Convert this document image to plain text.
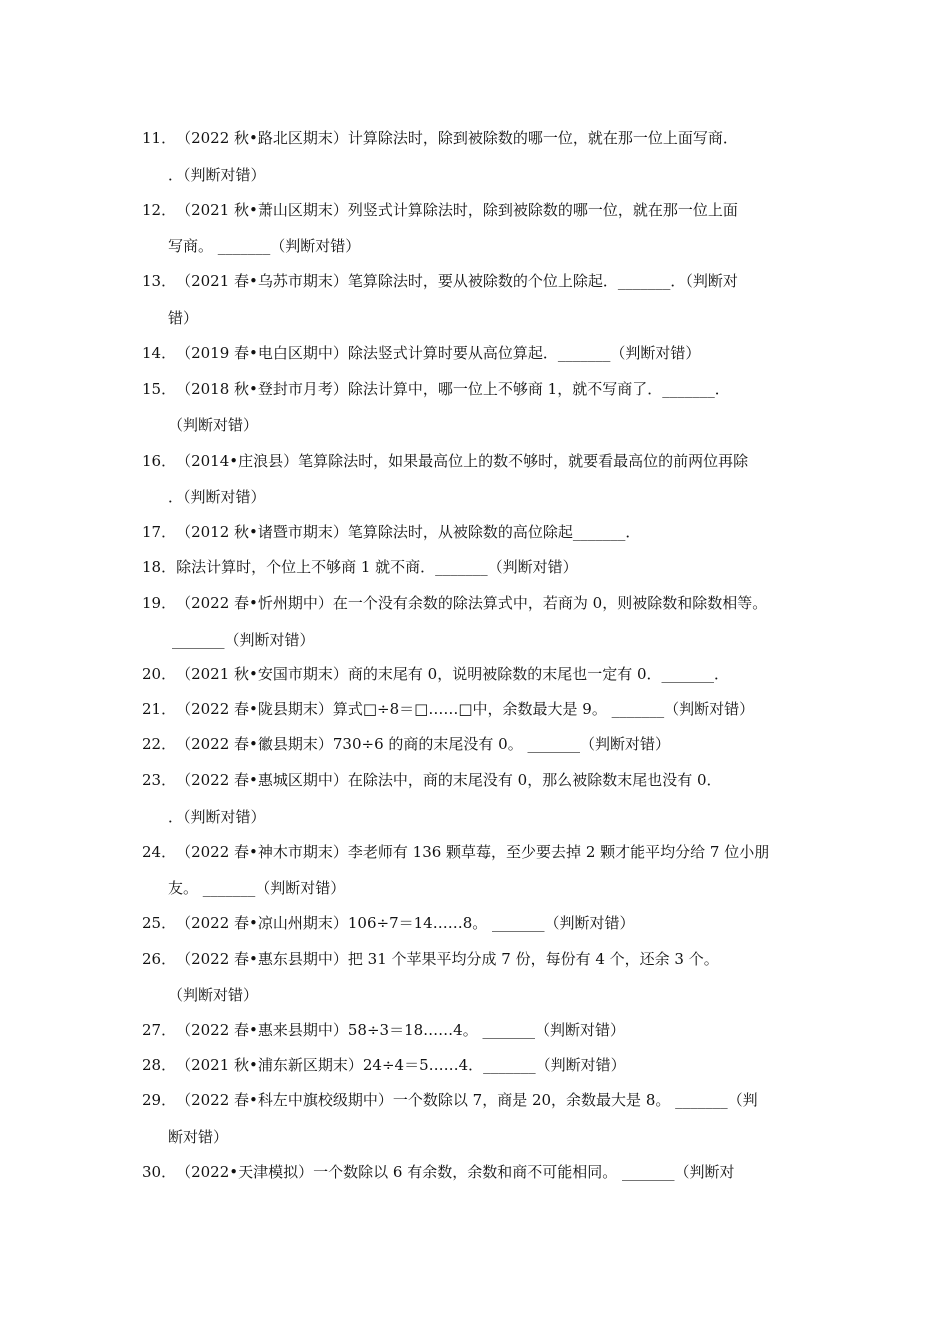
11．（2022 秋•路北区期末）计算除法时，除到被除数的哪一位，就在那一位上面写商．
．（判断对错）
12．（2021 秋•萧山区期末）列竖式计算除法时，除到被除数的哪一位，就在那一位上面
写商。 _______（判断对错）
13．（2021 春•乌苏市期末）笔算除法时，要从被除数的个位上除起．_______．（判断对
错）
14．（2019 春•电白区期中）除法竖式计算时要从高位算起．_______（判断对错）
15．（2018 秋•登封市月考）除法计算中，哪一位上不够商 1，就不写商了．_______．
（判断对错）
16．（2014•庄浪县）笔算除法时，如果最高位上的数不够时，就要看最高位的前两位再除
．（判断对错）
17．（2012 秋•诸暨市期末）笔算除法时，从被除数的高位除起_______．
18．除法计算时，个位上不够商 1 就不商．_______（判断对错）
19．（2022 春•忻州期中）在一个没有余数的除法算式中，若商为 0，则被除数和除数相等。
_______（判断对错）
20．（2021 秋•安国市期末）商的末尾有 0，说明被除数的末尾也一定有 0．_______．
21．（2022 春•陇县期末）算式□÷8＝□……□中，余数最大是 9。 _______（判断对错）
22．（2022 春•徽县期末）730÷6 的商的末尾没有 0。 _______（判断对错）
23．（2022 春•惠城区期中）在除法中，商的末尾没有 0，那么被除数末尾也没有 0．
．（判断对错）
24．（2022 春•神木市期末）李老师有 136 颗草莓，至少要去掉 2 颗才能平均分给 7 位小朋
友。 _______（判断对错）
25．（2022 春•凉山州期末）106÷7＝14……8。 _______（判断对错）
26．（2022 春•惠东县期中）把 31 个苹果平均分成 7 份，每份有 4 个，还余 3 个。
（判断对错）
27．（2022 春•惠来县期中）58÷3＝18……4。 _______（判断对错）
28．（2021 秋•浦东新区期末）24÷4＝5……4．_______（判断对错）
29．（2022 春•科左中旗校级期中）一个数除以 7，商是 20，余数最大是 8。 _______（判
断对错）
30．（2022•天津模拟）一个数除以 6 有余数，余数和商不可能相同。 _______（判断对
